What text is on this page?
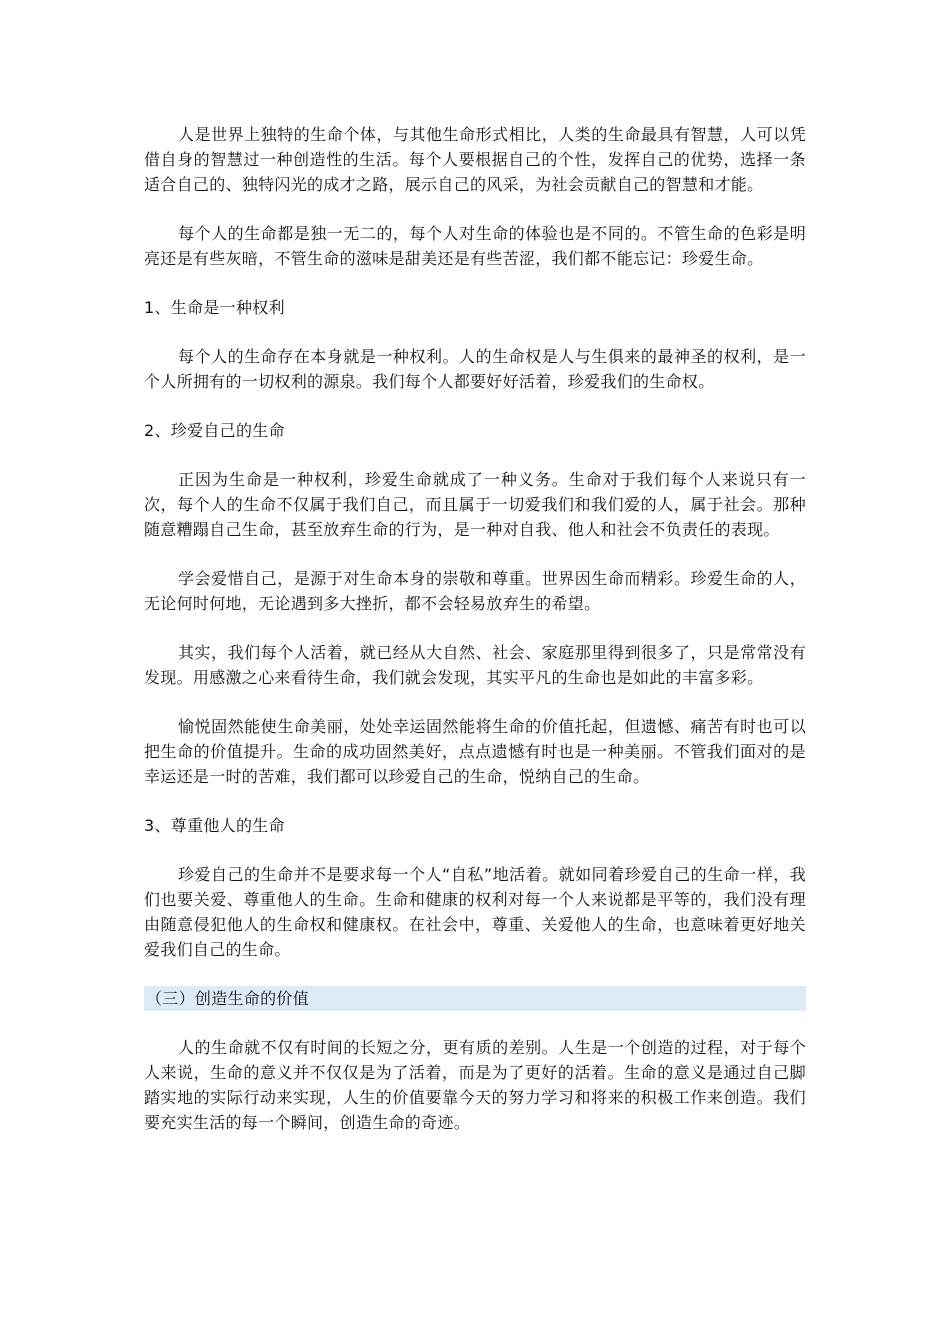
人是世界上独特的生命个体，与其他生命形式相比，人类的生命最具有智慧，人可以凭借自身的智慧过一种创造性的生活。每个人要根据自己的个性，发挥自己的优势，选择一条适合自己的、独特闪光的成才之路，展示自己的风采，为社会贡献自己的智慧和才能。

每个人的生命都是独一无二的，每个人对生命的体验也是不同的。不管生命的色彩是明亮还是有些灰暗，不管生命的滋味是甜美还是有些苦涩，我们都不能忘记：珍爱生命。

1、生命是一种权利

每个人的生命存在本身就是一种权利。人的生命权是人与生俱来的最神圣的权利，是一个人所拥有的一切权利的源泉。我们每个人都要好好活着，珍爱我们的生命权。

2、珍爱自己的生命

正因为生命是一种权利，珍爱生命就成了一种义务。生命对于我们每个人来说只有一次，每个人的生命不仅属于我们自己，而且属于一切爱我们和我们爱的人，属于社会。那种随意糟蹋自己生命，甚至放弃生命的行为，是一种对自我、他人和社会不负责任的表现。

学会爱惜自己，是源于对生命本身的崇敬和尊重。世界因生命而精彩。珍爱生命的人，无论何时何地，无论遇到多大挫折，都不会轻易放弃生的希望。

其实，我们每个人活着，就已经从大自然、社会、家庭那里得到很多了，只是常常没有发现。用感激之心来看待生命，我们就会发现，其实平凡的生命也是如此的丰富多彩。

愉悦固然能使生命美丽，处处幸运固然能将生命的价值托起，但遗憾、痛苦有时也可以把生命的价值提升。生命的成功固然美好，点点遗憾有时也是一种美丽。不管我们面对的是幸运还是一时的苦难，我们都可以珍爱自己的生命，悦纳自己的生命。

3、尊重他人的生命

珍爱自己的生命并不是要求每一个人“自私”地活着。就如同着珍爱自己的生命一样，我们也要关爱、尊重他人的生命。生命和健康的权利对每一个人来说都是平等的，我们没有理由随意侵犯他人的生命权和健康权。在社会中，尊重、关爱他人的生命，也意味着更好地关爱我们自己的生命。

（三）创造生命的价值

人的生命就不仅有时间的长短之分，更有质的差别。人生是一个创造的过程，对于每个人来说，生命的意义并不仅仅是为了活着，而是为了更好的活着。生命的意义是通过自己脚踏实地的实际行动来实现，人生的价值要靠今天的努力学习和将来的积极工作来创造。我们要充实生活的每一个瞬间，创造生命的奇迹。
